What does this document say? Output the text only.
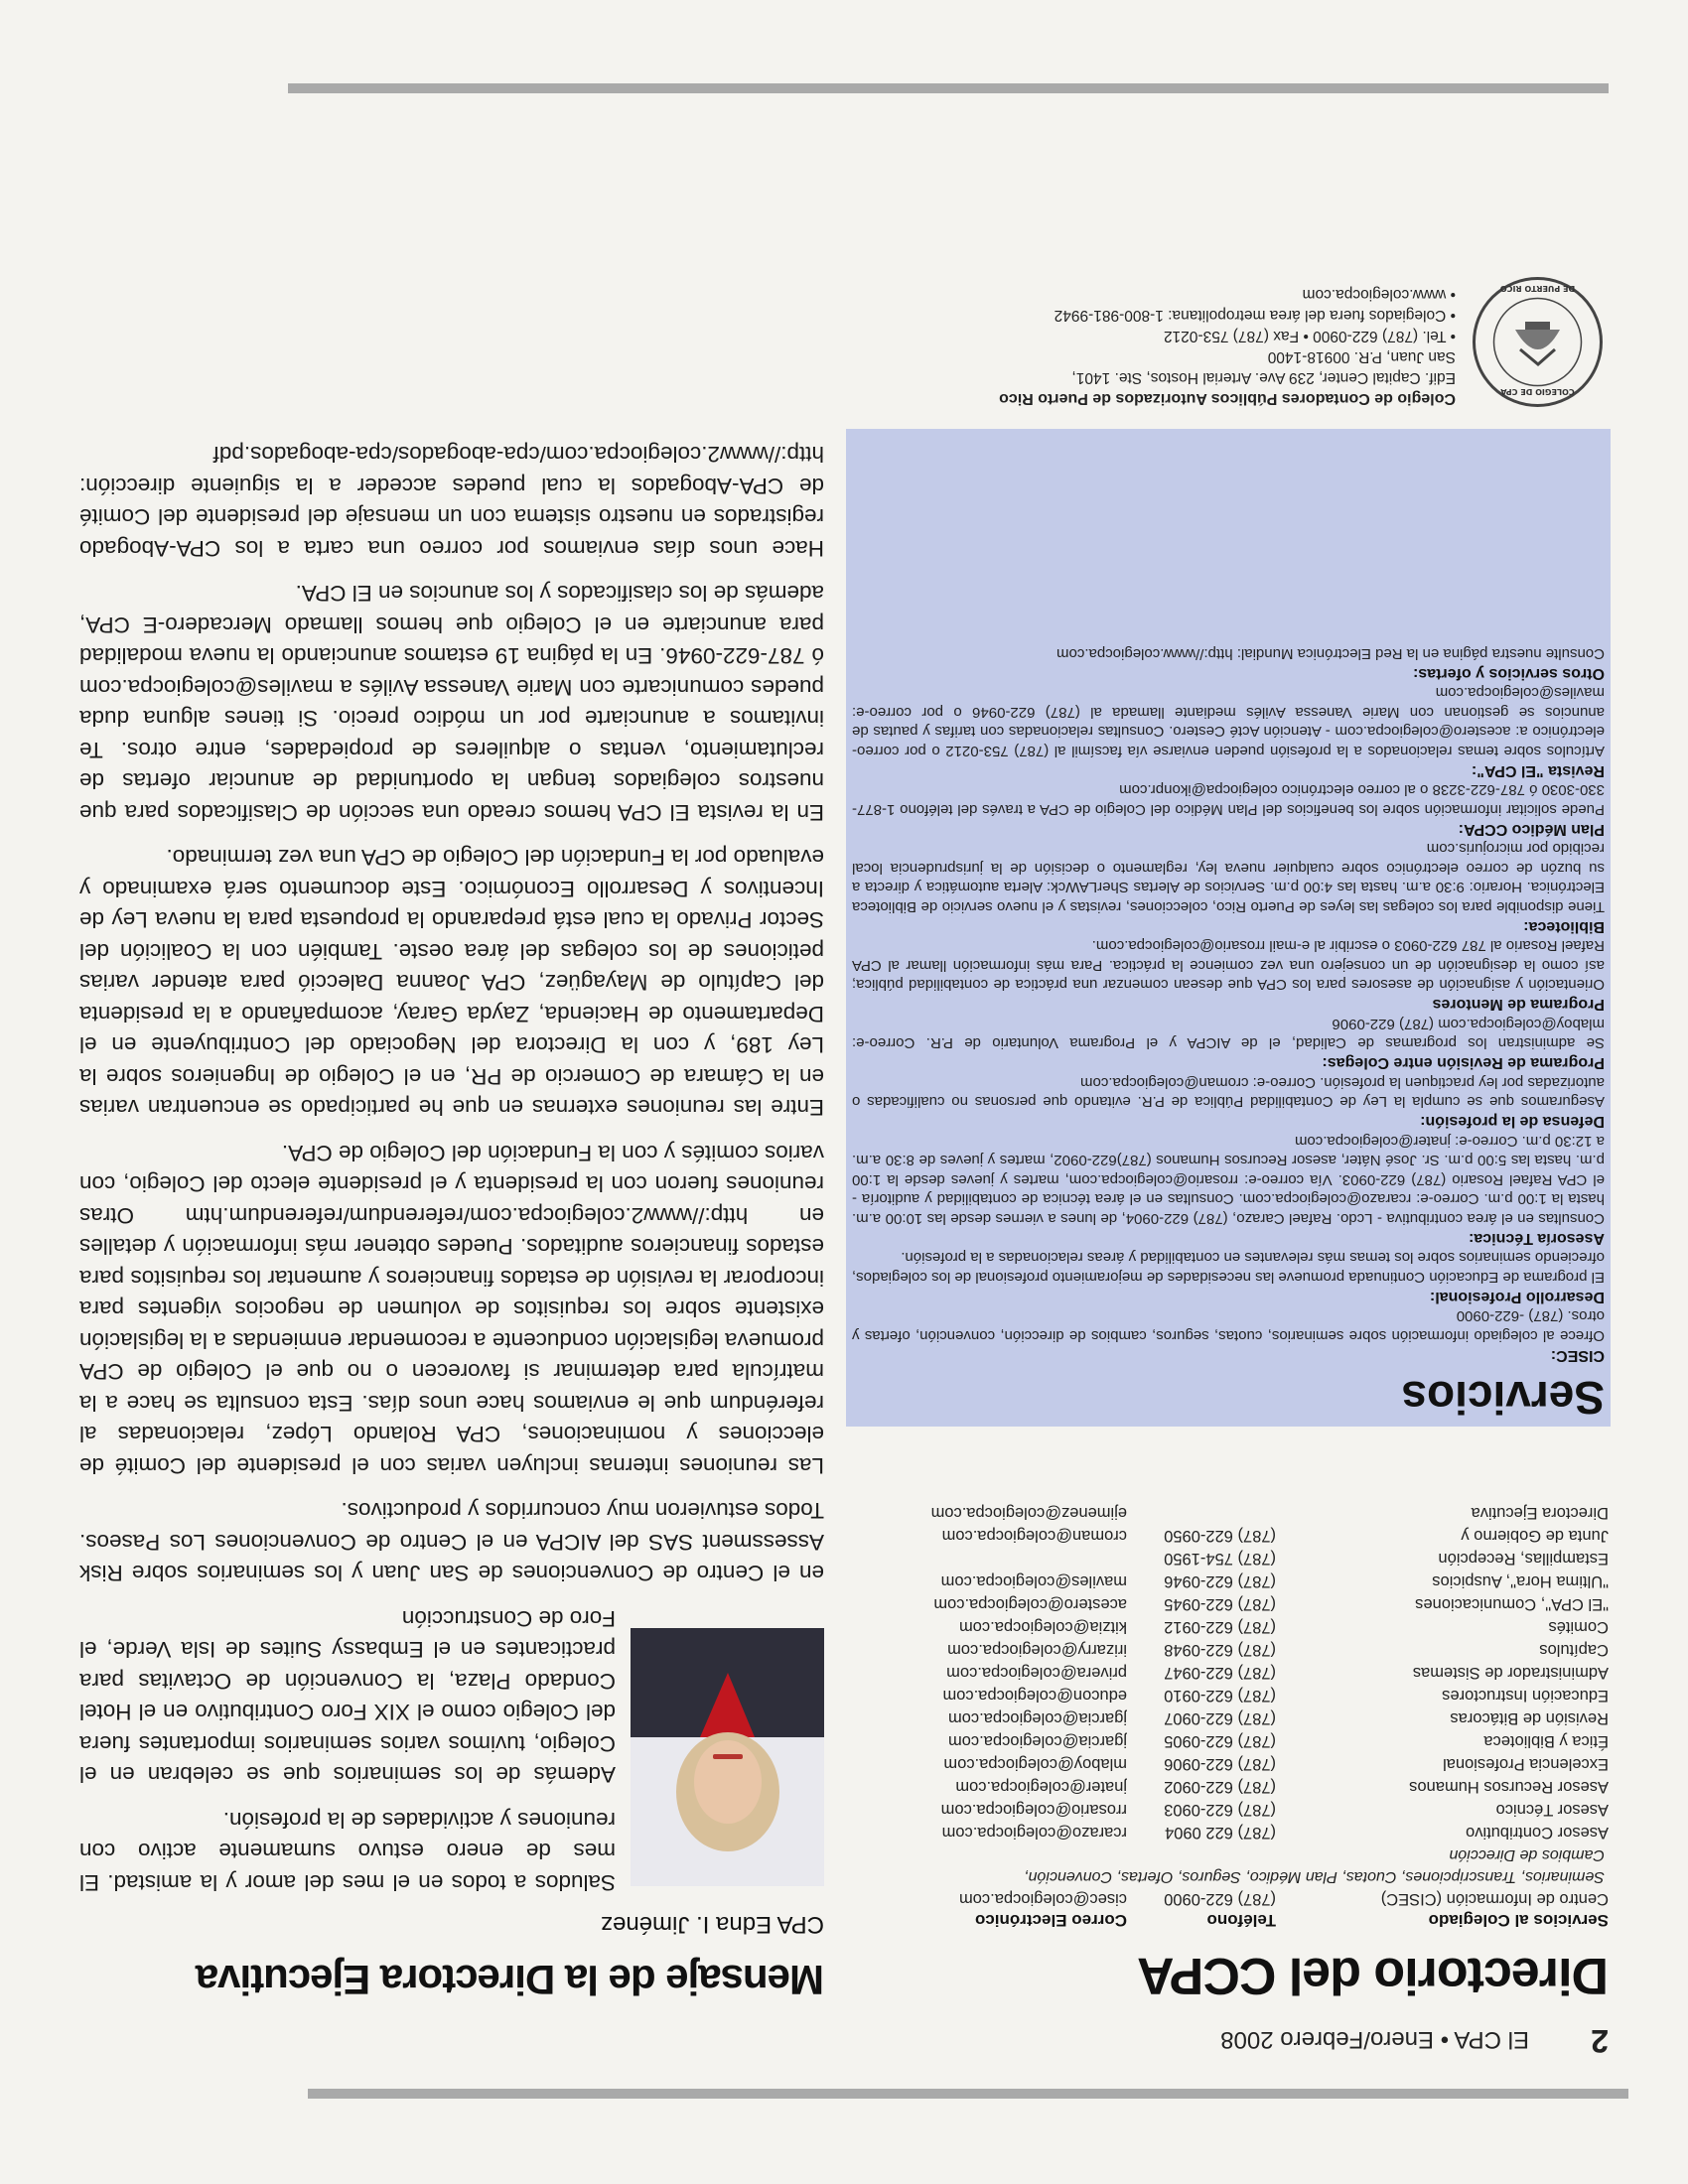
2
El CPA • Enero/Febrero 2008
Directorio del CCPA
Servicios al Colegiado
Teléfono
Correo Electrónico
Centro de Información (CISEC)
(787) 622-0900
cisec@colegiocpa.com
Seminarios, Transcripciones, Cuotas, Plan Médico, Seguros, Ofertas, Convención,
Cambios de Dirección
Asesor Contributivo
(787) 622 0904
rcarazo@colegiocpa.com
Asesor Técnico
(787) 622-0903
rrosario@colegiocpa.com
Asesor Recursos Humanos
(787) 622-0902
jnater@colegiocpa.com
Excelencia Profesional
(787) 622-0906
mlaboy@colegiocpa.com
Ética y Biblioteca
(787) 622-0905
jgarcia@colegiocpa.com
Revisión de Bitácoras
(787) 622-0907
jgarcia@colegiocpa.com
Educación Instructores
(787) 622-0910
educon@colegiocpa.com
Administrador de Sistemas
(787) 622-0947
privera@colegiocpa.com
Capítulos
(787) 622-0948
irizarry@colegiocpa.com
Comités
(787) 622-0912
kitzia@colegiocpa.com
"El CPA", Comunicaciones
(787) 622-0945
acestero@colegiocpa.com
"Ultima Hora", Auspicios
(787) 622-0946
maviles@colegiocpa.com
Estampillas, Recepción
(787) 754-1950
Junta de Gobierno y
(787) 622-0950
croman@colegiocpa.com
Directora Ejecutiva
ejimenez@colegiocpa.com
Servicios
CISEC:

Ofrece al colegiado información sobre seminarios, cuotas, seguros, cambios de dirección, convención, ofertas y otros. (787) -622-0900

Desarrollo Profesional:

El programa de Educación Continuada promueve las necesidades de mejoramiento profesional de los colegiados, ofreciendo seminarios sobre los temas más relevantes en contabilidad y áreas relacionadas a la profesión.

Asesoría Técnica:

Consultas en el área contributiva - Lcdo. Rafael Carazo, (787) 622-0904, de lunes a viernes desde las 10:00 a.m. hasta la 1:00 p.m. Correo-e: rcarazo@colegiocpa.com. Consultas en el área técnica de contabilidad y auditoría - el CPA Rafael Rosario (787) 622-0903. Vía correo-e: rrosario@colegiocpa.com, martes y jueves desde la 1:00 p.m. hasta las 5:00 p.m. Sr. José Náter, asesor Recursos Humanos (787)622-0902, martes y jueves de 8:30 a.m. a 12:30 p.m. Correo-e: jnater@colegiocpa.com

Defensa de la profesión:

Aseguramos que se cumpla la Ley de Contabilidad Pública de P.R. evitando que personas no cualificadas o autorizadas por ley practiquen la profesión. Correo-e: croman@colegiocpa.com

Programa de Revisión entre Colegas:

Se administran los programas de Calidad, el de AICPA y el Programa Voluntario de P.R. Correo-e: mlaboy@colegiocpa.com (787) 622-0906

Programa de Mentores

Orientación y asignación de asesores para los CPA que desean comenzar una práctica de contabilidad pública; así como la designación de un consejero una vez comience la práctica. Para más información llamar al CPA Rafael Rosario al 787 622-0903 o escribir al e-mail rrosario@colegiocpa.com.

Biblioteca:

Tiene disponible para los colegas las leyes de Puerto Rico, colecciones, revistas y el nuevo servicio de Biblioteca Electrónica. Horario: 9:30 a.m. hasta las 4:00 p.m. Servicios de Alertas SherLAWck: Alerta automática y directa a su buzón de correo electrónico sobre cualquier nueva ley, reglamento o decisión de la jurisprudencia local recibido por microjuris.com

Plan Médico CCPA:

Puede solicitar información sobre los beneficios del Plan Médico del Colegio de CPA a través del teléfono 1-877-330-3030 ó 787-622-3238 o al correo electrónico colegiocpa@ikonpr.com

Revista "El CPA":

Artículos sobre temas relacionados a la profesión pueden enviarse vía facsímil al (787) 753-0212 o por correo-electrónico a: acestero@colegiocpa.com - Atención Acté Cestero. Consultas relacionadas con tarifas y pautas de anuncios se gestionan con Marie Vanessa Avilés mediante llamada al (787) 622-0946 o por correo-e: maviles@colegiocpa.com

Otros servicios y ofertas:

Consulte nuestra página en la Red Electrónica Mundial: http://www.colegiocpa.com

COLEGIO DE CPA
DE PUERTO RICO
Colegio de Contadores Públicos Autorizados de Puerto Rico
Edif. Capital Center, 239 Ave. Arterial Hostos, Ste. 1401,
San Juan, P.R. 00918-1400
• Tel. (787) 622-0900 • Fax (787) 753-0212
• Colegiados fuera del área metropolitana: 1-800-981-9942
• www.colegiocpa.com
Mensaje de la Directora Ejecutiva
CPA Edna I. Jiménez

Saludos a todos en el mes del amor y la amistad. El mes de enero estuvo sumamente activo con reuniones y actividades de la profesión.

Además de los seminarios que se celebran en el Colegio, tuvimos varios seminarios importantes fuera del Colegio como el XIX Foro Contributivo en el Hotel Condado Plaza, la Convención de Octavitas para practicantes en el Embassy Suites de Isla Verde, el Foro de Construcción

en el Centro de Convenciones de San Juan y los seminarios sobre Risk Assessment SAS del AICPA en el Centro de Convenciones Los Paseos. Todos estuvieron muy concurridos y productivos.

Las reuniones internas incluyen varias con el presidente del Comité de elecciones y nominaciones, CPA Rolando López, relacionadas al referéndum que le enviamos hace unos días. Esta consulta se hace a la matrícula para determinar si favorecen o no que el Colegio de CPA promueva legislación conducente a recomendar enmiendas a la legislación existente sobre los requisitos de volumen de negocios vigentes para incorporar la revisión de estados financieros y aumentar los requisitos para estados financieros auditados. Puedes obtener más información y detalles en http://www2.colegiocpa.com/referendum/referendum.htm Otras reuniones fueron con la presidenta y el presidente electo del Colegio, con varios comités y con la Fundación del Colegio de CPA.

Entre las reuniones externas en que he participado se encuentran varias en la Cámara de Comercio de PR, en el Colegio de Ingenieros sobre la Ley 189, y con la Directora del Negociado del Contribuyente en el Departamento de Hacienda, Zayda Garay, acompañando a la presidenta del Capítulo de Mayagüez, CPA Joanna Dalecció para atender varias peticiones de los colegas del área oeste. También con la Coalición del Sector Privado la cual está preparando la propuesta para la nueva Ley de Incentivos y Desarrollo Económico. Este documento será examinado y evaluado por la Fundación del Colegio de CPA una vez terminado.

En la revista El CPA hemos creado una sección de Clasificados para que nuestros colegiados tengan la oportunidad de anunciar ofertas de reclutamiento, ventas o alquileres de propiedades, entre otros. Te invitamos a anunciarte por un módico precio. Si tienes alguna duda puedes comunicarte con Marie Vanessa Avilés a maviles@colegiocpa.com ó 787-622-0946. En la página 19 estamos anunciando la nueva modalidad para anunciarte en el Colegio que hemos llamado Mercadero-E CPA, además de los clasificados y los anuncios en El CPA.

Hace unos días enviamos por correo una carta a los CPA-Abogado registrados en nuestro sistema con un mensaje del presidente del Comité de CPA-Abogados la cual puedes acceder a la siguiente dirección: http://www2.colegiocpa.com/cpa-abogados/cpa-abogados.pdf
